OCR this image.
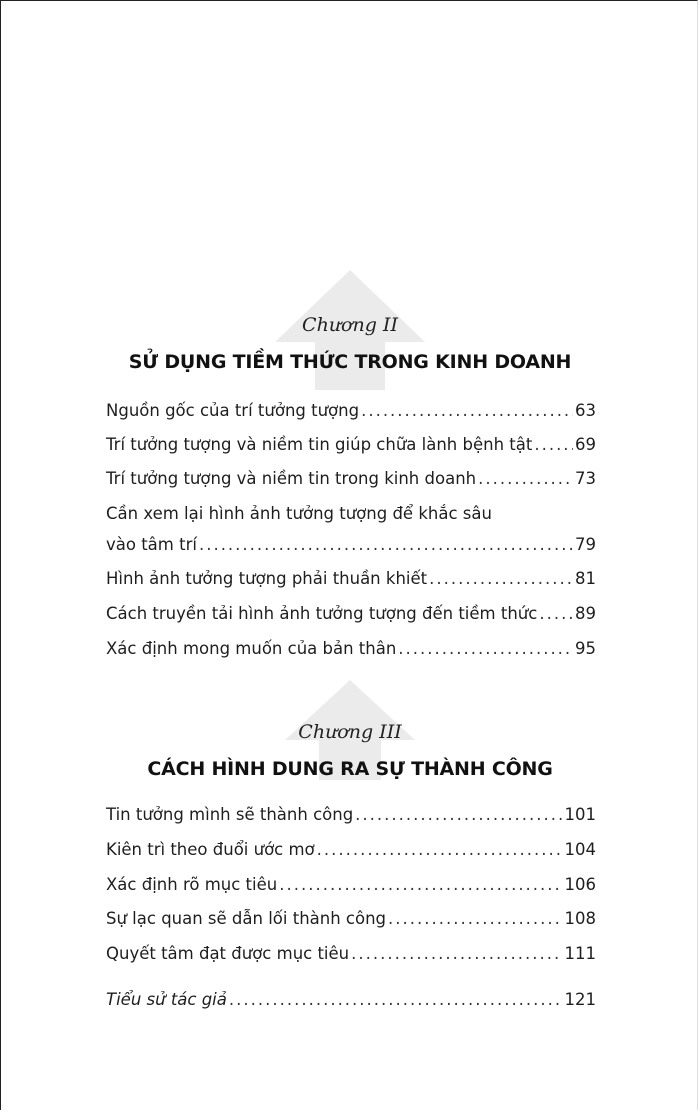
Chương II
SỬ DỤNG TIỀM THỨC TRONG KINH DOANH
Nguồn gốc của trí tưởng tượng .....	63
Trí tưởng tượng và niềm tin giúp chữa lành bệnh tật .....	69
Trí tưởng tượng và niềm tin trong kinh doanh .....	73
Cần xem lại hình ảnh tưởng tượng để khắc sâu
vào tâm trí .....	79
Hình ảnh tưởng tượng phải thuần khiết .....	81
Cách truyền tải hình ảnh tưởng tượng đến tiềm thức ..... 89
Xác định mong muốn của bản thân .....	95
Chương III
CÁCH HÌNH DUNG RA SỰ THÀNH CÔNG
Tin tưởng mình sẽ thành công .....	101
Kiên trì theo đuổi ước mơ .....	104
Xác định rõ mục tiêu .....	106
Sự lạc quan sẽ dẫn lối thành công .....	108
Quyết tâm đạt được mục tiêu .....	111
Tiểu sử tác giả .....	121
